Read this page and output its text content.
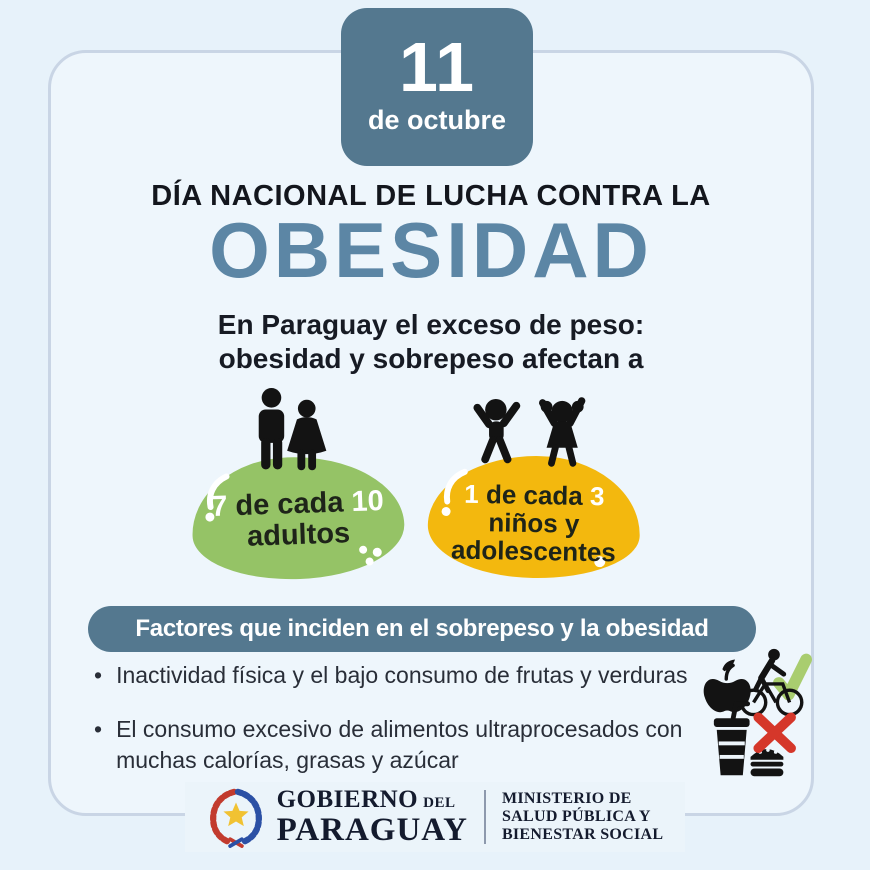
11
de octubre
DÍA NACIONAL DE LUCHA CONTRA LA
OBESIDAD
En Paraguay el exceso de peso:
obesidad y sobrepeso afectan a
7 de cada 10
adultos
1 de cada 3
niños y
adolescentes
Factores que inciden en el sobrepeso y la obesidad
• Inactividad física y el bajo consumo de frutas y verduras
• El consumo excesivo de alimentos ultraprocesados con
muchas calorías, grasas y azúcar
GOBIERNO DEL
PARAGUAY
MINISTERIO DE
SALUD PÚBLICA Y
BIENESTAR SOCIAL
